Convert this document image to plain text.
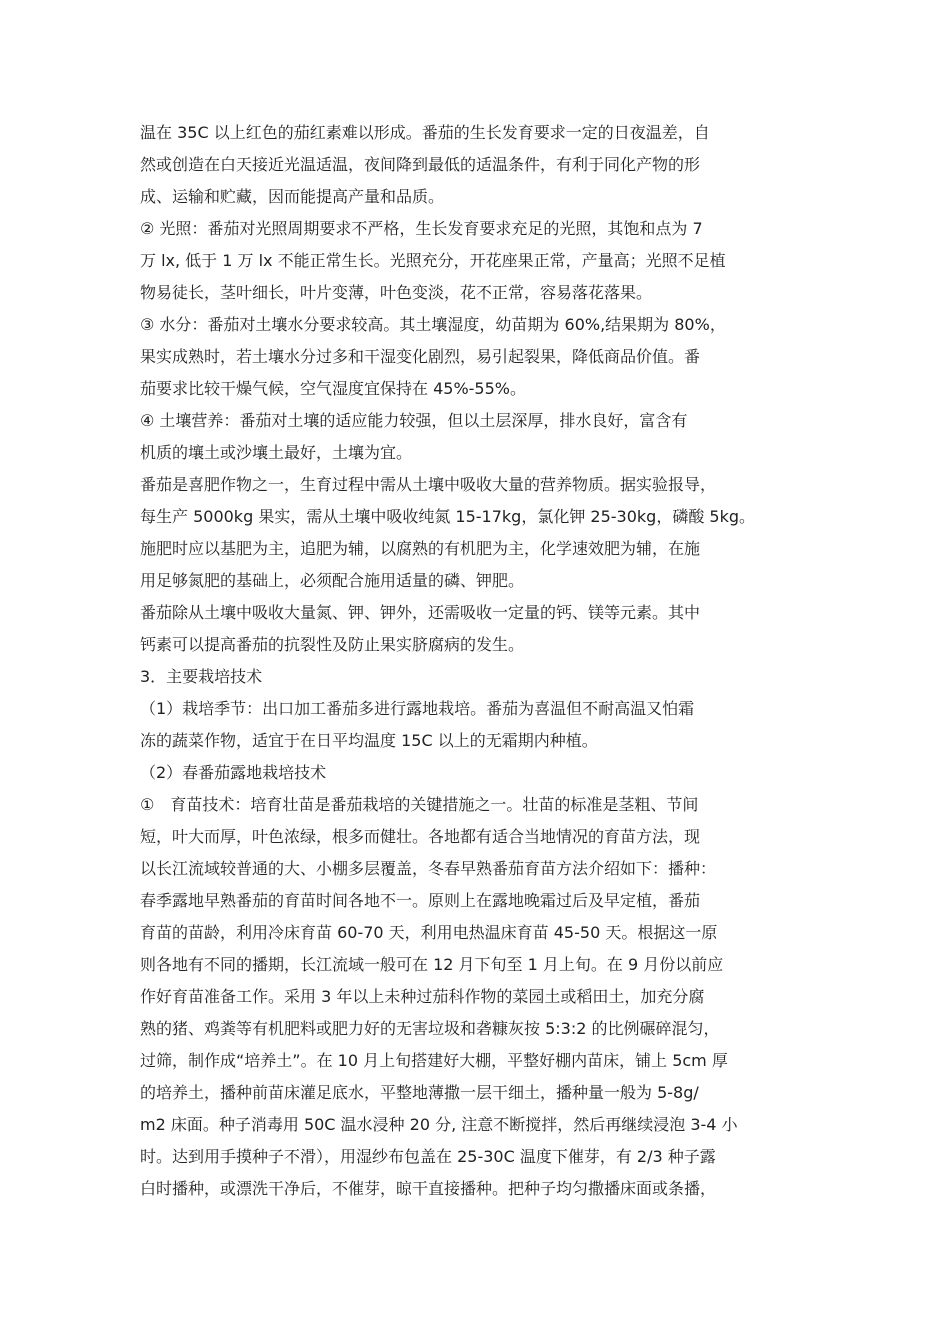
温在 35C 以上红色的茄红素难以形成。番茄的生长发育要求一定的日夜温差，自
然或创造在白天接近光温适温，夜间降到最低的适温条件，有利于同化产物的形
成、运输和贮藏，因而能提高产量和品质。
② 光照：番茄对光照周期要求不严格，生长发育要求充足的光照，其饱和点为 7
万 lx, 低于 1 万 lx 不能正常生长。光照充分，开花座果正常，产量高；光照不足植
物易徒长，茎叶细长，叶片变薄，叶色变淡，花不正常，容易落花落果。
③ 水分：番茄对土壤水分要求较高。其土壤湿度，幼苗期为 60%,结果期为 80%，
果实成熟时，若土壤水分过多和干湿变化剧烈，易引起裂果，降低商品价值。番
茄要求比较干燥气候，空气湿度宜保持在 45%-55%。
④ 土壤营养：番茄对土壤的适应能力较强，但以土层深厚，排水良好，富含有
机质的壤土或沙壤土最好，土壤为宜。
番茄是喜肥作物之一，生育过程中需从土壤中吸收大量的营养物质。据实验报导，
每生产 5000kg 果实，需从土壤中吸收纯氮 15-17kg，氯化钾 25-30kg，磷酸 5kg。
施肥时应以基肥为主，追肥为辅，以腐熟的有机肥为主，化学速效肥为辅，在施
用足够氮肥的基础上，必须配合施用适量的磷、钾肥。
番茄除从土壤中吸收大量氮、钾、钾外，还需吸收一定量的钙、镁等元素。其中
钙素可以提高番茄的抗裂性及防止果实脐腐病的发生。
3．主要栽培技术
（1）栽培季节：出口加工番茄多进行露地栽培。番茄为喜温但不耐高温又怕霜
冻的蔬菜作物，适宜于在日平均温度 15C 以上的无霜期内种植。
（2）春番茄露地栽培技术
①　育苗技术：培育壮苗是番茄栽培的关键措施之一。壮苗的标准是茎粗、节间
短，叶大而厚，叶色浓绿，根多而健壮。各地都有适合当地情况的育苗方法，现
以长江流域较普通的大、小棚多层覆盖，冬春早熟番茄育苗方法介绍如下：播种：
春季露地早熟番茄的育苗时间各地不一。原则上在露地晚霜过后及早定植，番茄
育苗的苗龄，利用冷床育苗 60-70 天，利用电热温床育苗 45-50 天。根据这一原
则各地有不同的播期，长江流域一般可在 12 月下旬至 1 月上旬。在 9 月份以前应
作好育苗准备工作。采用 3 年以上未种过茄科作物的菜园土或稻田土，加充分腐
熟的猪、鸡粪等有机肥料或肥力好的无害垃圾和砻糠灰按 5:3:2 的比例碾碎混匀，
过筛，制作成“培养土”。在 10 月上旬搭建好大棚，平整好棚内苗床，铺上 5cm 厚
的培养土，播种前苗床灌足底水，平整地薄撒一层干细土，播种量一般为 5-8g/
m2 床面。种子消毒用 50C 温水浸种 20 分, 注意不断搅拌，然后再继续浸泡 3-4 小
时。达到用手摸种子不滑），用湿纱布包盖在 25-30C 温度下催芽，有 2/3 种子露
白时播种，或漂洗干净后，不催芽，晾干直接播种。把种子均匀撒播床面或条播，
